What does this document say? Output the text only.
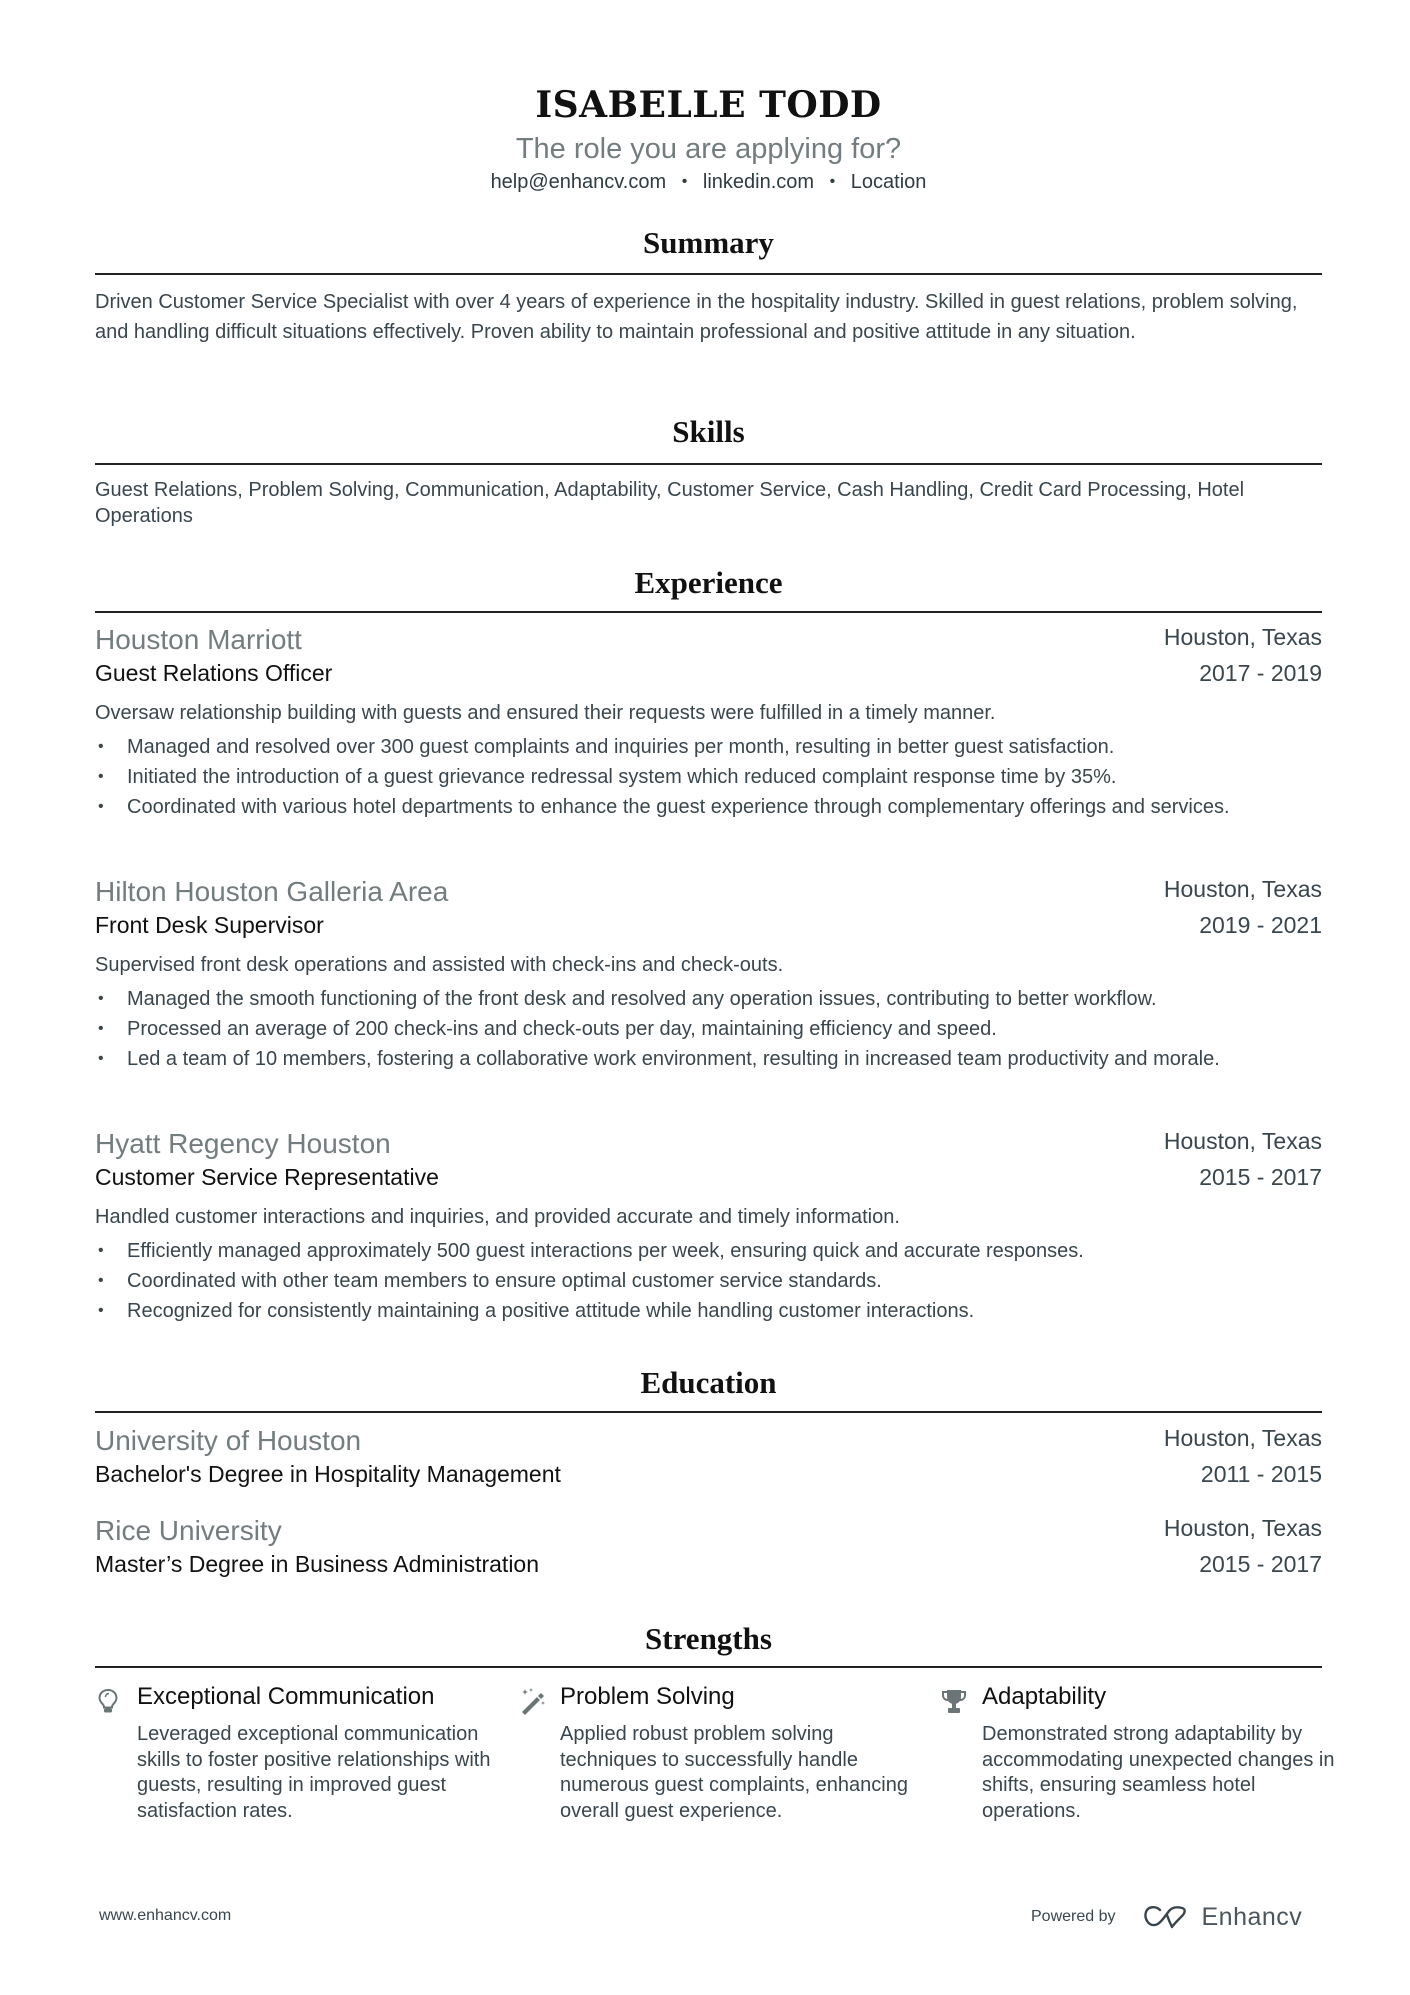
ISABELLE TODD
The role you are applying for?
help@enhancv.com • linkedin.com • Location
Summary
Driven Customer Service Specialist with over 4 years of experience in the hospitality industry. Skilled in guest relations, problem solving, and handling difficult situations effectively. Proven ability to maintain professional and positive attitude in any situation.
Skills
Guest Relations, Problem Solving, Communication, Adaptability, Customer Service, Cash Handling, Credit Card Processing, Hotel Operations
Experience
Houston Marriott	Houston, Texas
Guest Relations Officer	2017 - 2019
Oversaw relationship building with guests and ensured their requests were fulfilled in a timely manner.
• Managed and resolved over 300 guest complaints and inquiries per month, resulting in better guest satisfaction.
• Initiated the introduction of a guest grievance redressal system which reduced complaint response time by 35%.
• Coordinated with various hotel departments to enhance the guest experience through complementary offerings and services.
Hilton Houston Galleria Area	Houston, Texas
Front Desk Supervisor	2019 - 2021
Supervised front desk operations and assisted with check-ins and check-outs.
• Managed the smooth functioning of the front desk and resolved any operation issues, contributing to better workflow.
• Processed an average of 200 check-ins and check-outs per day, maintaining efficiency and speed.
• Led a team of 10 members, fostering a collaborative work environment, resulting in increased team productivity and morale.
Hyatt Regency Houston	Houston, Texas
Customer Service Representative	2015 - 2017
Handled customer interactions and inquiries, and provided accurate and timely information.
• Efficiently managed approximately 500 guest interactions per week, ensuring quick and accurate responses.
• Coordinated with other team members to ensure optimal customer service standards.
• Recognized for consistently maintaining a positive attitude while handling customer interactions.
Education
University of Houston	Houston, Texas
Bachelor's Degree in Hospitality Management	2011 - 2015
Rice University	Houston, Texas
Master’s Degree in Business Administration	2015 - 2017
Strengths
Exceptional Communication
Leveraged exceptional communication skills to foster positive relationships with guests, resulting in improved guest satisfaction rates.
Problem Solving
Applied robust problem solving techniques to successfully handle numerous guest complaints, enhancing overall guest experience.
Adaptability
Demonstrated strong adaptability by accommodating unexpected changes in shifts, ensuring seamless hotel operations.
www.enhancv.com	Powered by	Enhancv
